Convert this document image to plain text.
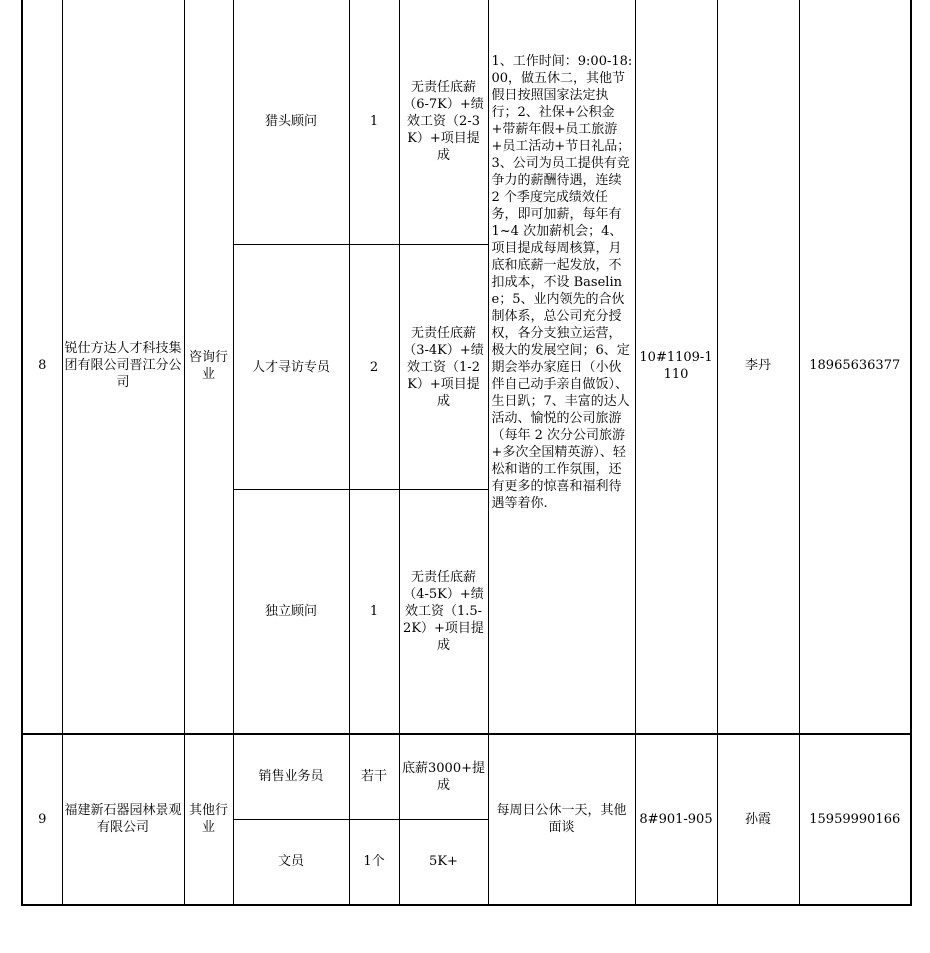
8	锐仕方达人才科技集团有限公司晋江分公司	咨询行业	猎头顾问	1	无责任底薪（6-7K）+绩效工资（2-3K）+项目提成	1、工作时间：9:00-18:00，做五休二，其他节假日按照国家法定执行；2、社保+公积金+带薪年假+员工旅游+员工活动+节日礼品；3、公司为员工提供有竞争力的薪酬待遇，连续 2 个季度完成绩效任务，即可加薪，每年有 1~4 次加薪机会；4、项目提成每周核算，月底和底薪一起发放，不扣成本，不设 Baseline；5、业内领先的合伙制体系，总公司充分授权，各分支独立运营，极大的发展空间；6、定期会举办家庭日（小伙伴自己动手亲自做饭）、生日趴；7、丰富的达人活动、愉悦的公司旅游（每年 2 次分公司旅游+多次全国精英游）、轻松和谐的工作氛围，还有更多的惊喜和福利待遇等着你.	10#1109-1110	李丹	18965636377
			人才寻访专员	2	无责任底薪（3-4K）+绩效工资（1-2K）+项目提成				
			独立顾问	1	无责任底薪（4-5K）+绩效工资（1.5-2K）+项目提成				
9	福建新石器园林景观有限公司	其他行业	销售业务员	若干	底薪3000+提成	每周日公休一天，其他面谈	8#901-905	孙霞	15959990166
			文员	1个	5K+				
